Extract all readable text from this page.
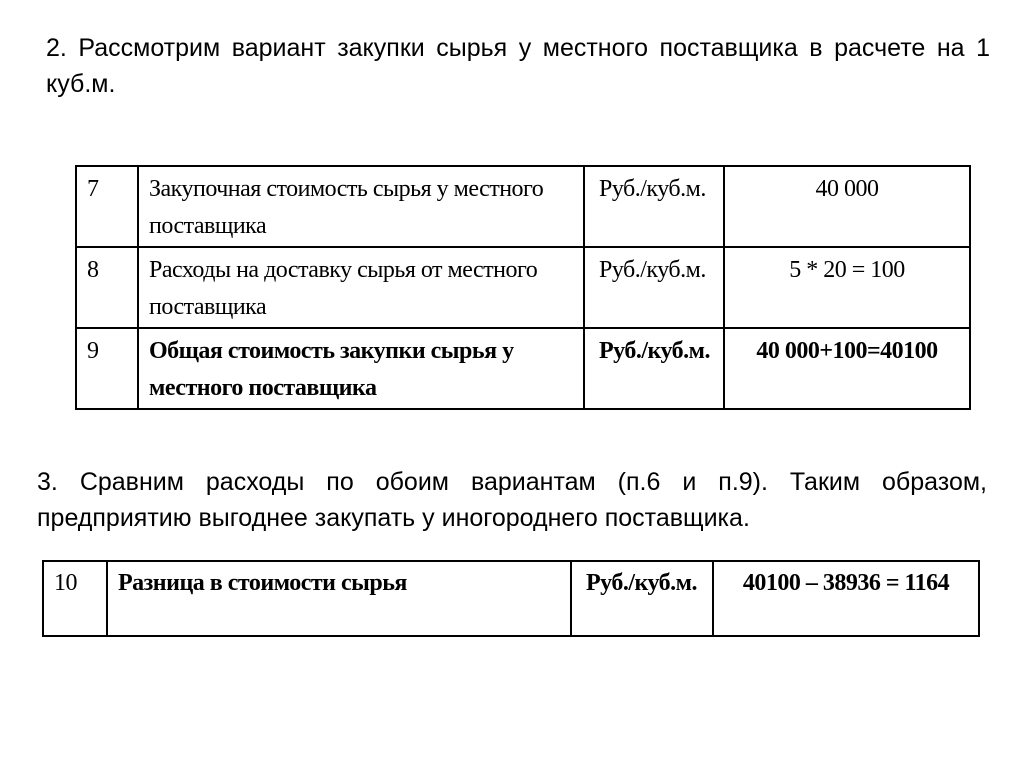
2. Рассмотрим вариант закупки сырья у местного поставщика в расчете на 1 куб.м.

7	Закупочная стоимость сырья у местного поставщика	Руб./куб.м.	40 000
8	Расходы на доставку сырья от местного поставщика	Руб./куб.м.	5 * 20 = 100
9	Общая стоимость закупки сырья у местного поставщика	Руб./куб.м.	40 000+100=40100

3. Сравним расходы по обоим вариантам (п.6 и п.9). Таким образом, предприятию выгоднее закупать у иногороднего поставщика.

10	Разница в стоимости сырья	Руб./куб.м.	40100 – 38936 = 1164
